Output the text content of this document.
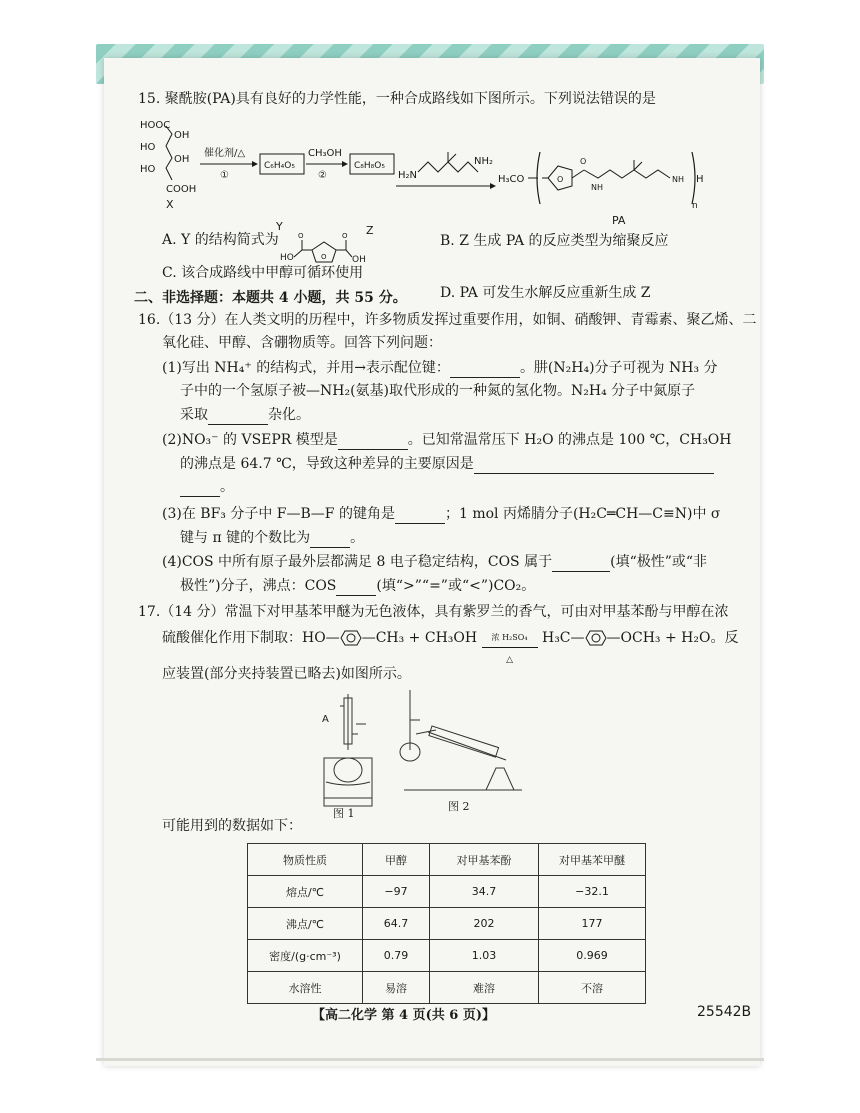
15. 聚酰胺(PA)具有良好的力学性能，一种合成路线如下图所示。下列说法错误的是
HOOC
HO
HO
OH
OH
COOH
X
催化剂/△
①
C₆H₄O₅
Y
CH₃OH
②
C₈H₈O₅
Z
H₂N
NH₂
H₃CO	O
O
NH
NH H
n
PA
A. Y 的结构简式为
HO	O
O	O
OH
B. Z 生成 PA 的反应类型为缩聚反应
C. 该合成路线中甲醇可循环使用
D. PA 可发生水解反应重新生成 Z
二、非选择题：本题共 4 小题，共 55 分。
16.（13 分）在人类文明的历程中，许多物质发挥过重要作用，如铜、硝酸钾、青霉素、聚乙烯、二
氧化硅、甲醇、含硼物质等。回答下列问题：
(1)写出 NH₄⁺ 的结构式，并用→表示配位键：	。肼(N₂H₄)分子可视为 NH₃ 分
子中的一个氢原子被—NH₂(氨基)取代形成的一种氮的氢化物。N₂H₄ 分子中氮原子
采取	杂化。
(2)NO₃⁻ 的 VSEPR 模型是	。已知常温常压下 H₂O 的沸点是 100 ℃，CH₃OH
的沸点是 64.7 ℃，导致这种差异的主要原因是
。
(3)在 BF₃ 分子中 F—B—F 的键角是	；1 mol 丙烯腈分子(H₂C═CH—C≡N)中 σ
键与 π 键的个数比为	。
(4)COS 中所有原子最外层都满足 8 电子稳定结构，COS 属于	(填“极性”或“非
极性”)分子，沸点：COS	(填“>”“=”或“<”)CO₂。
17.（14 分）常温下对甲基苯甲醚为无色液体，具有紫罗兰的香气，可由对甲基苯酚与甲醇在浓
硫酸催化作用下制取：HO— —CH₃ + CH₃OH	浓 H₂SO₄
△
H₃C— —OCH₃ + H₂O。反
应装置(部分夹持装置已略去)如图所示。
A
图 1
图 2
可能用到的数据如下：
物质性质	甲醇	对甲基苯酚	对甲基苯甲醚
熔点/℃	−97	34.7	−32.1
沸点/℃	64.7	202	177
密度/(g·cm⁻³)	0.79	1.03	0.969
水溶性	易溶	难溶	不溶
【高二化学 第 4 页(共 6 页)】	25542B
